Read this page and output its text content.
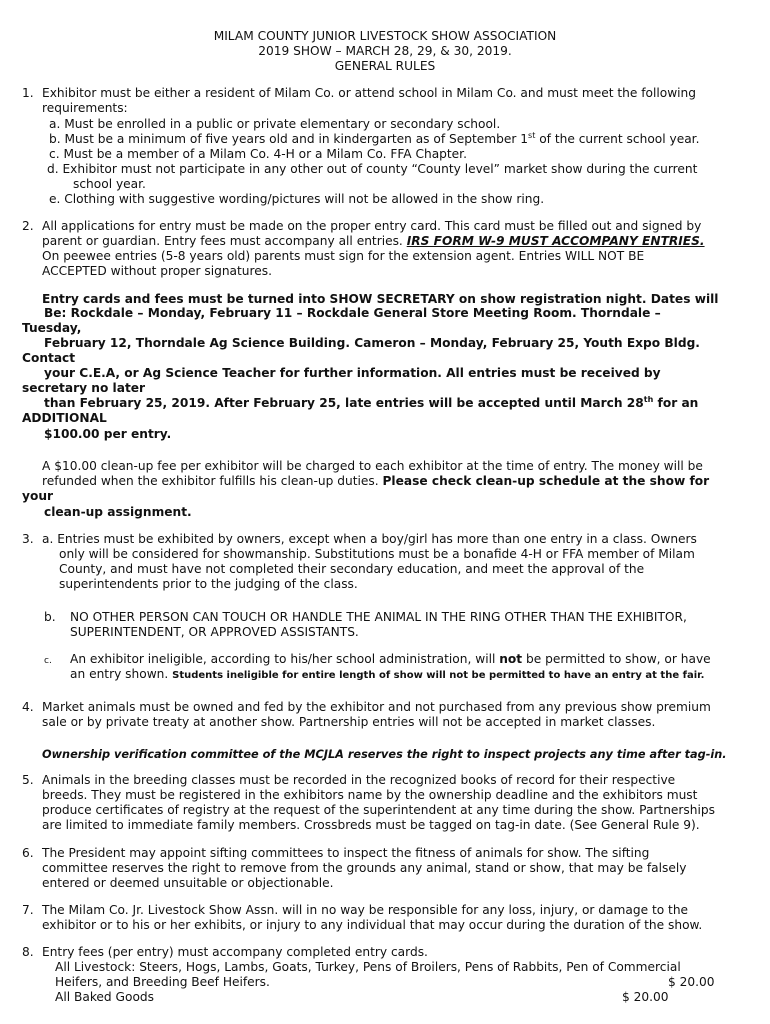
MILAM COUNTY JUNIOR LIVESTOCK SHOW ASSOCIATION
2019 SHOW – MARCH 28, 29, & 30, 2019.
GENERAL RULES
1. Exhibitor must be either a resident of Milam Co. or attend school in Milam Co. and must meet the following
requirements:
a. Must be enrolled in a public or private elementary or secondary school.
b. Must be a minimum of five years old and in kindergarten as of September 1st of the current school year.
c. Must be a member of a Milam Co. 4-H or a Milam Co. FFA Chapter.
d. Exhibitor must not participate in any other out of county “County level” market show during the current
school year.
e. Clothing with suggestive wording/pictures will not be allowed in the show ring.
2. All applications for entry must be made on the proper entry card. This card must be filled out and signed by
parent or guardian. Entry fees must accompany all entries. IRS FORM W-9 MUST ACCOMPANY ENTRIES.
On peewee entries (5-8 years old) parents must sign for the extension agent. Entries WILL NOT BE
ACCEPTED without proper signatures.
Entry cards and fees must be turned into SHOW SECRETARY on show registration night. Dates will
Be: Rockdale – Monday, February 11 – Rockdale General Store Meeting Room. Thorndale –
Tuesday,
February 12, Thorndale Ag Science Building. Cameron – Monday, February 25, Youth Expo Bldg.
Contact
your C.E.A, or Ag Science Teacher for further information. All entries must be received by
secretary no later
than February 25, 2019. After February 25, late entries will be accepted until March 28th for an
ADDITIONAL
$100.00 per entry.
A $10.00 clean-up fee per exhibitor will be charged to each exhibitor at the time of entry. The money will be
refunded when the exhibitor fulfills his clean-up duties. Please check clean-up schedule at the show for
your
clean-up assignment.
3. a. Entries must be exhibited by owners, except when a boy/girl has more than one entry in a class. Owners
only will be considered for showmanship. Substitutions must be a bonafide 4-H or FFA member of Milam
County, and must have not completed their secondary education, and meet the approval of the
superintendents prior to the judging of the class.
b. NO OTHER PERSON CAN TOUCH OR HANDLE THE ANIMAL IN THE RING OTHER THAN THE EXHIBITOR,
SUPERINTENDENT, OR APPROVED ASSISTANTS.
c. An exhibitor ineligible, according to his/her school administration, will not be permitted to show, or have
an entry shown. Students ineligible for entire length of show will not be permitted to have an entry at the fair.
4. Market animals must be owned and fed by the exhibitor and not purchased from any previous show premium
sale or by private treaty at another show. Partnership entries will not be accepted in market classes.
Ownership verification committee of the MCJLA reserves the right to inspect projects any time after tag-in.
5. Animals in the breeding classes must be recorded in the recognized books of record for their respective
breeds. They must be registered in the exhibitors name by the ownership deadline and the exhibitors must
produce certificates of registry at the request of the superintendent at any time during the show. Partnerships
are limited to immediate family members. Crossbreds must be tagged on tag-in date. (See General Rule 9).
6. The President may appoint sifting committees to inspect the fitness of animals for show. The sifting
committee reserves the right to remove from the grounds any animal, stand or show, that may be falsely
entered or deemed unsuitable or objectionable.
7. The Milam Co. Jr. Livestock Show Assn. will in no way be responsible for any loss, injury, or damage to the
exhibitor or to his or her exhibits, or injury to any individual that may occur during the duration of the show.
8. Entry fees (per entry) must accompany completed entry cards.
All Livestock: Steers, Hogs, Lambs, Goats, Turkey, Pens of Broilers, Pens of Rabbits, Pen of Commercial
Heifers, and Breeding Beef Heifers.	$ 20.00
All Baked Goods	$ 20.00
